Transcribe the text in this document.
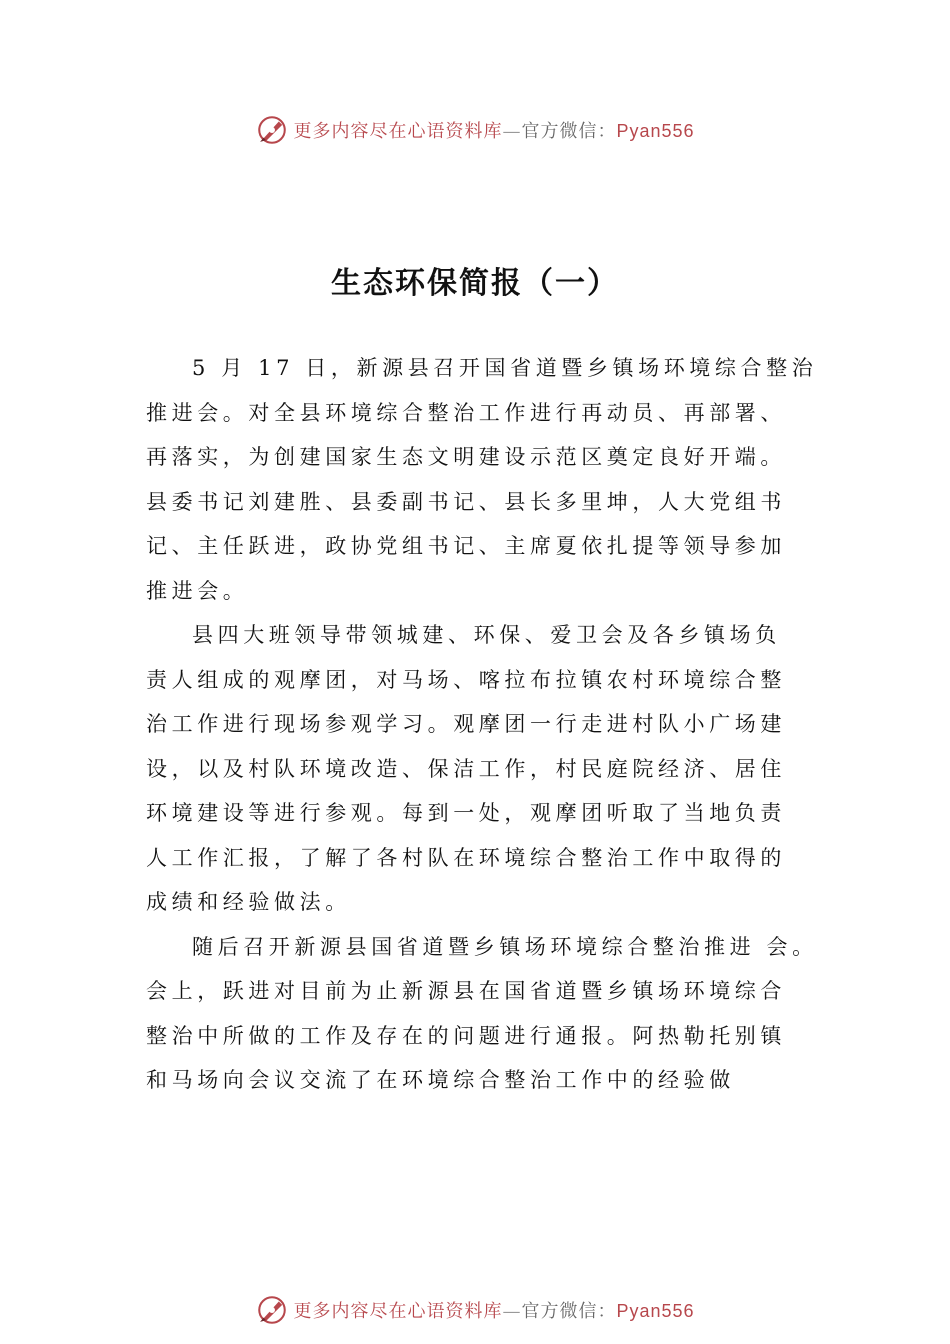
更多内容尽在心语资料库—官方微信：Pyan556
生态环保简报（一）
5 月 17 日，新源县召开国省道暨乡镇场环境综合整治
推进会。对全县环境综合整治工作进行再动员、再部署、
再落实，为创建国家生态文明建设示范区奠定良好开端。
县委书记刘建胜、县委副书记、县长多里坤，人大党组书
记、主任跃进，政协党组书记、主席夏依扎提等领导参加
推进会。
县四大班领导带领城建、环保、爱卫会及各乡镇场负
责人组成的观摩团，对马场、喀拉布拉镇农村环境综合整
治工作进行现场参观学习。观摩团一行走进村队小广场建
设，以及村队环境改造、保洁工作，村民庭院经济、居住
环境建设等进行参观。每到一处，观摩团听取了当地负责
人工作汇报，了解了各村队在环境综合整治工作中取得的
成绩和经验做法。
随后召开新源县国省道暨乡镇场环境综合整治推进 会。
会上，跃进对目前为止新源县在国省道暨乡镇场环境综合
整治中所做的工作及存在的问题进行通报。阿热勒托别镇
和马场向会议交流了在环境综合整治工作中的经验做
更多内容尽在心语资料库—官方微信：Pyan556
